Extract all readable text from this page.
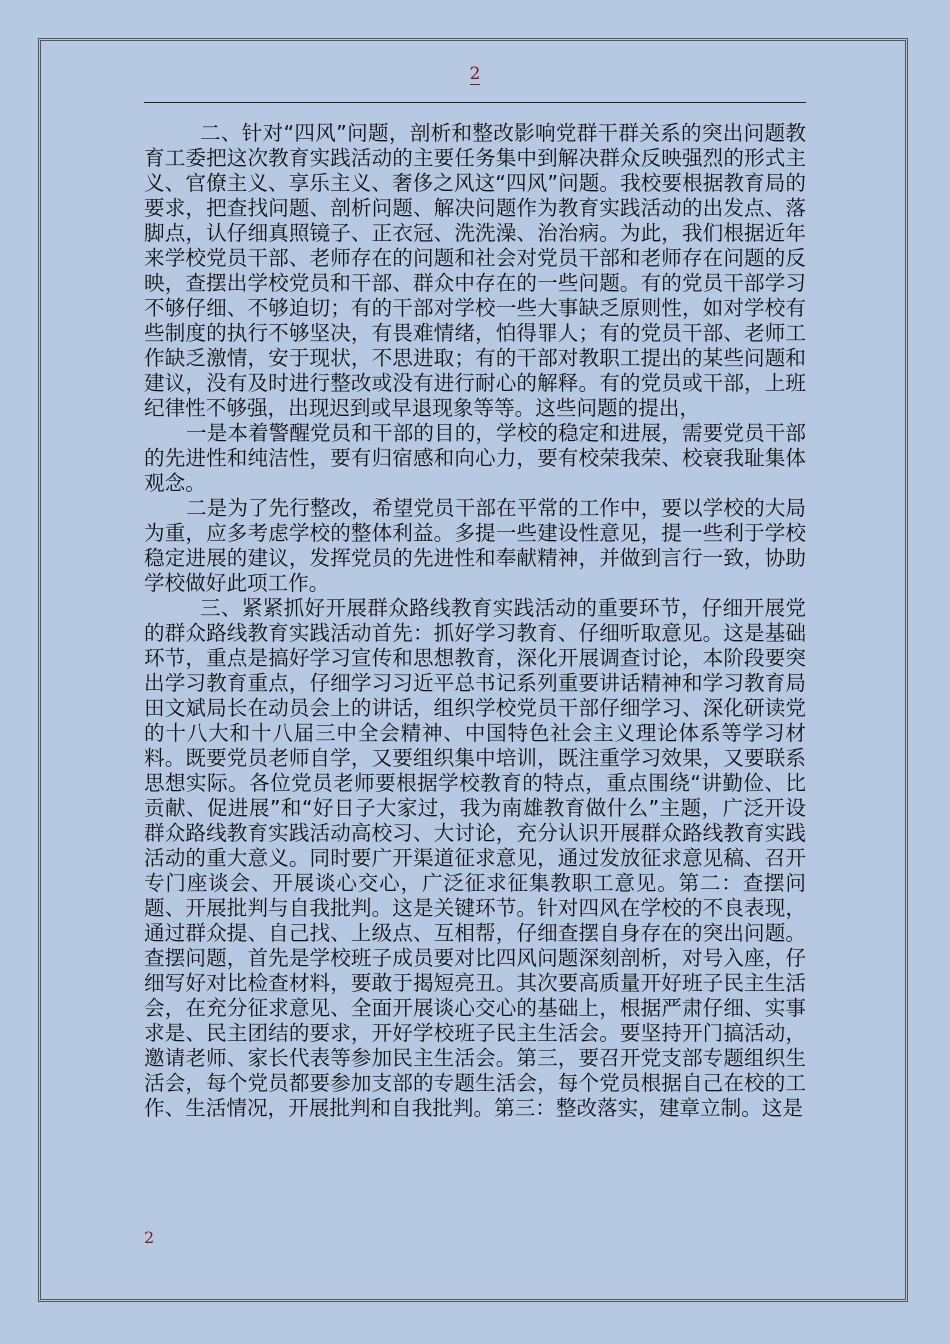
2

二、针对“四风”问题，剖析和整改影响党群干群关系的突出问题教育工委把这次教育实践活动的主要任务集中到解决群众反映强烈的形式主义、官僚主义、享乐主义、奢侈之风这“四风”问题。我校要根据教育局的要求，把查找问题、剖析问题、解决问题作为教育实践活动的出发点、落脚点，认仔细真照镜子、正衣冠、洗洗澡、治治病。为此，我们根据近年来学校党员干部、老师存在的问题和社会对党员干部和老师存在问题的反映，查摆出学校党员和干部、群众中存在的一些问题。有的党员干部学习不够仔细、不够迫切；有的干部对学校一些大事缺乏原则性，如对学校有些制度的执行不够坚决，有畏难情绪，怕得罪人；有的党员干部、老师工作缺乏激情，安于现状，不思进取；有的干部对教职工提出的某些问题和建议，没有及时进行整改或没有进行耐心的解释。有的党员或干部，上班纪律性不够强，出现迟到或早退现象等等。这些问题的提出，

一是本着警醒党员和干部的目的，学校的稳定和进展，需要党员干部的先进性和纯洁性，要有归宿感和向心力，要有校荣我荣、校衰我耻集体观念。

二是为了先行整改，希望党员干部在平常的工作中，要以学校的大局为重，应多考虑学校的整体利益。多提一些建设性意见，提一些利于学校稳定进展的建议，发挥党员的先进性和奉献精神，并做到言行一致，协助学校做好此项工作。

三、紧紧抓好开展群众路线教育实践活动的重要环节，仔细开展党的群众路线教育实践活动首先：抓好学习教育、仔细听取意见。这是基础环节，重点是搞好学习宣传和思想教育，深化开展调查讨论，本阶段要突出学习教育重点，仔细学习习近平总书记系列重要讲话精神和学习教育局田文斌局长在动员会上的讲话，组织学校党员干部仔细学习、深化研读党的十八大和十八届三中全会精神、中国特色社会主义理论体系等学习材料。既要党员老师自学，又要组织集中培训，既注重学习效果，又要联系思想实际。各位党员老师要根据学校教育的特点，重点围绕“讲勤俭、比贡献、促进展”和“好日子大家过，我为南雄教育做什么”主题，广泛开设群众路线教育实践活动高校习、大讨论，充分认识开展群众路线教育实践活动的重大意义。同时要广开渠道征求意见，通过发放征求意见稿、召开专门座谈会、开展谈心交心，广泛征求征集教职工意见。第二：查摆问题、开展批判与自我批判。这是关键环节。针对四风在学校的不良表现，通过群众提、自己找、上级点、互相帮，仔细查摆自身存在的突出问题。查摆问题，首先是学校班子成员要对比四风问题深刻剖析，对号入座，仔细写好对比检查材料，要敢于揭短亮丑。其次要高质量开好班子民主生活会，在充分征求意见、全面开展谈心交心的基础上，根据严肃仔细、实事求是、民主团结的要求，开好学校班子民主生活会。要坚持开门搞活动，邀请老师、家长代表等参加民主生活会。第三，要召开党支部专题组织生活会，每个党员都要参加支部的专题生活会，每个党员根据自己在校的工作、生活情况，开展批判和自我批判。第三：整改落实，建章立制。这是

2
